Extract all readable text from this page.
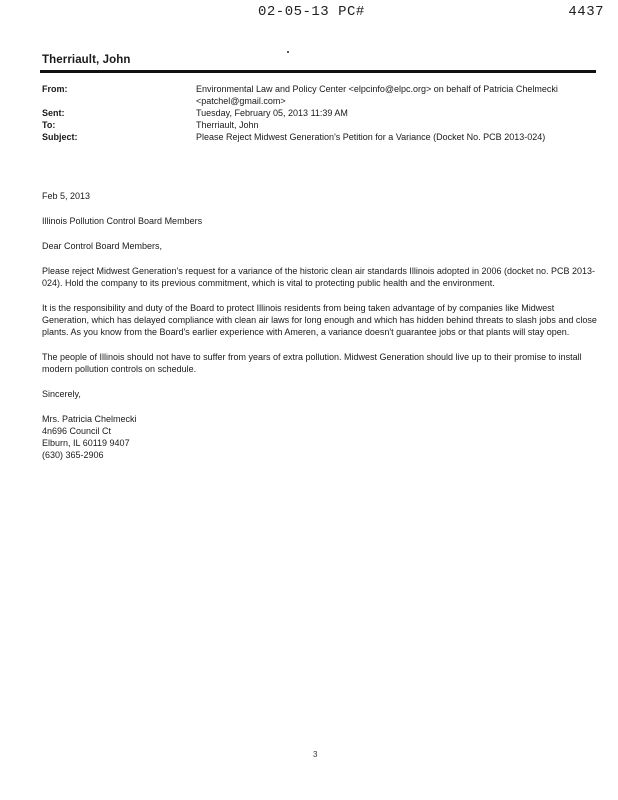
02-05-13 PC#	4437
Therriault, John
From:	Environmental Law and Policy Center <elpcinfo@elpc.org> on behalf of Patricia Chelmecki <patchel@gmail.com>
Sent:	Tuesday, February 05, 2013 11:39 AM
To:	Therriault, John
Subject:	Please Reject Midwest Generation's Petition for a Variance (Docket No. PCB 2013-024)

Feb 5, 2013

Illinois Pollution Control Board Members

Dear Control Board Members,

Please reject Midwest Generation's request for a variance of the historic clean air standards Illinois adopted in 2006 (docket no. PCB 2013-024). Hold the company to its previous commitment, which is vital to protecting public health and the environment.

It is the responsibility and duty of the Board to protect Illinois residents from being taken advantage of by companies like Midwest Generation, which has delayed compliance with clean air laws for long enough and which has hidden behind threats to slash jobs and close plants. As you know from the Board's earlier experience with Ameren, a variance doesn't guarantee jobs or that plants will stay open.

The people of Illinois should not have to suffer from years of extra pollution. Midwest Generation should live up to their promise to install modern pollution controls on schedule.

Sincerely,

Mrs. Patricia Chelmecki
4n696 Council Ct
Elburn, IL 60119 9407
(630) 365-2906
3
